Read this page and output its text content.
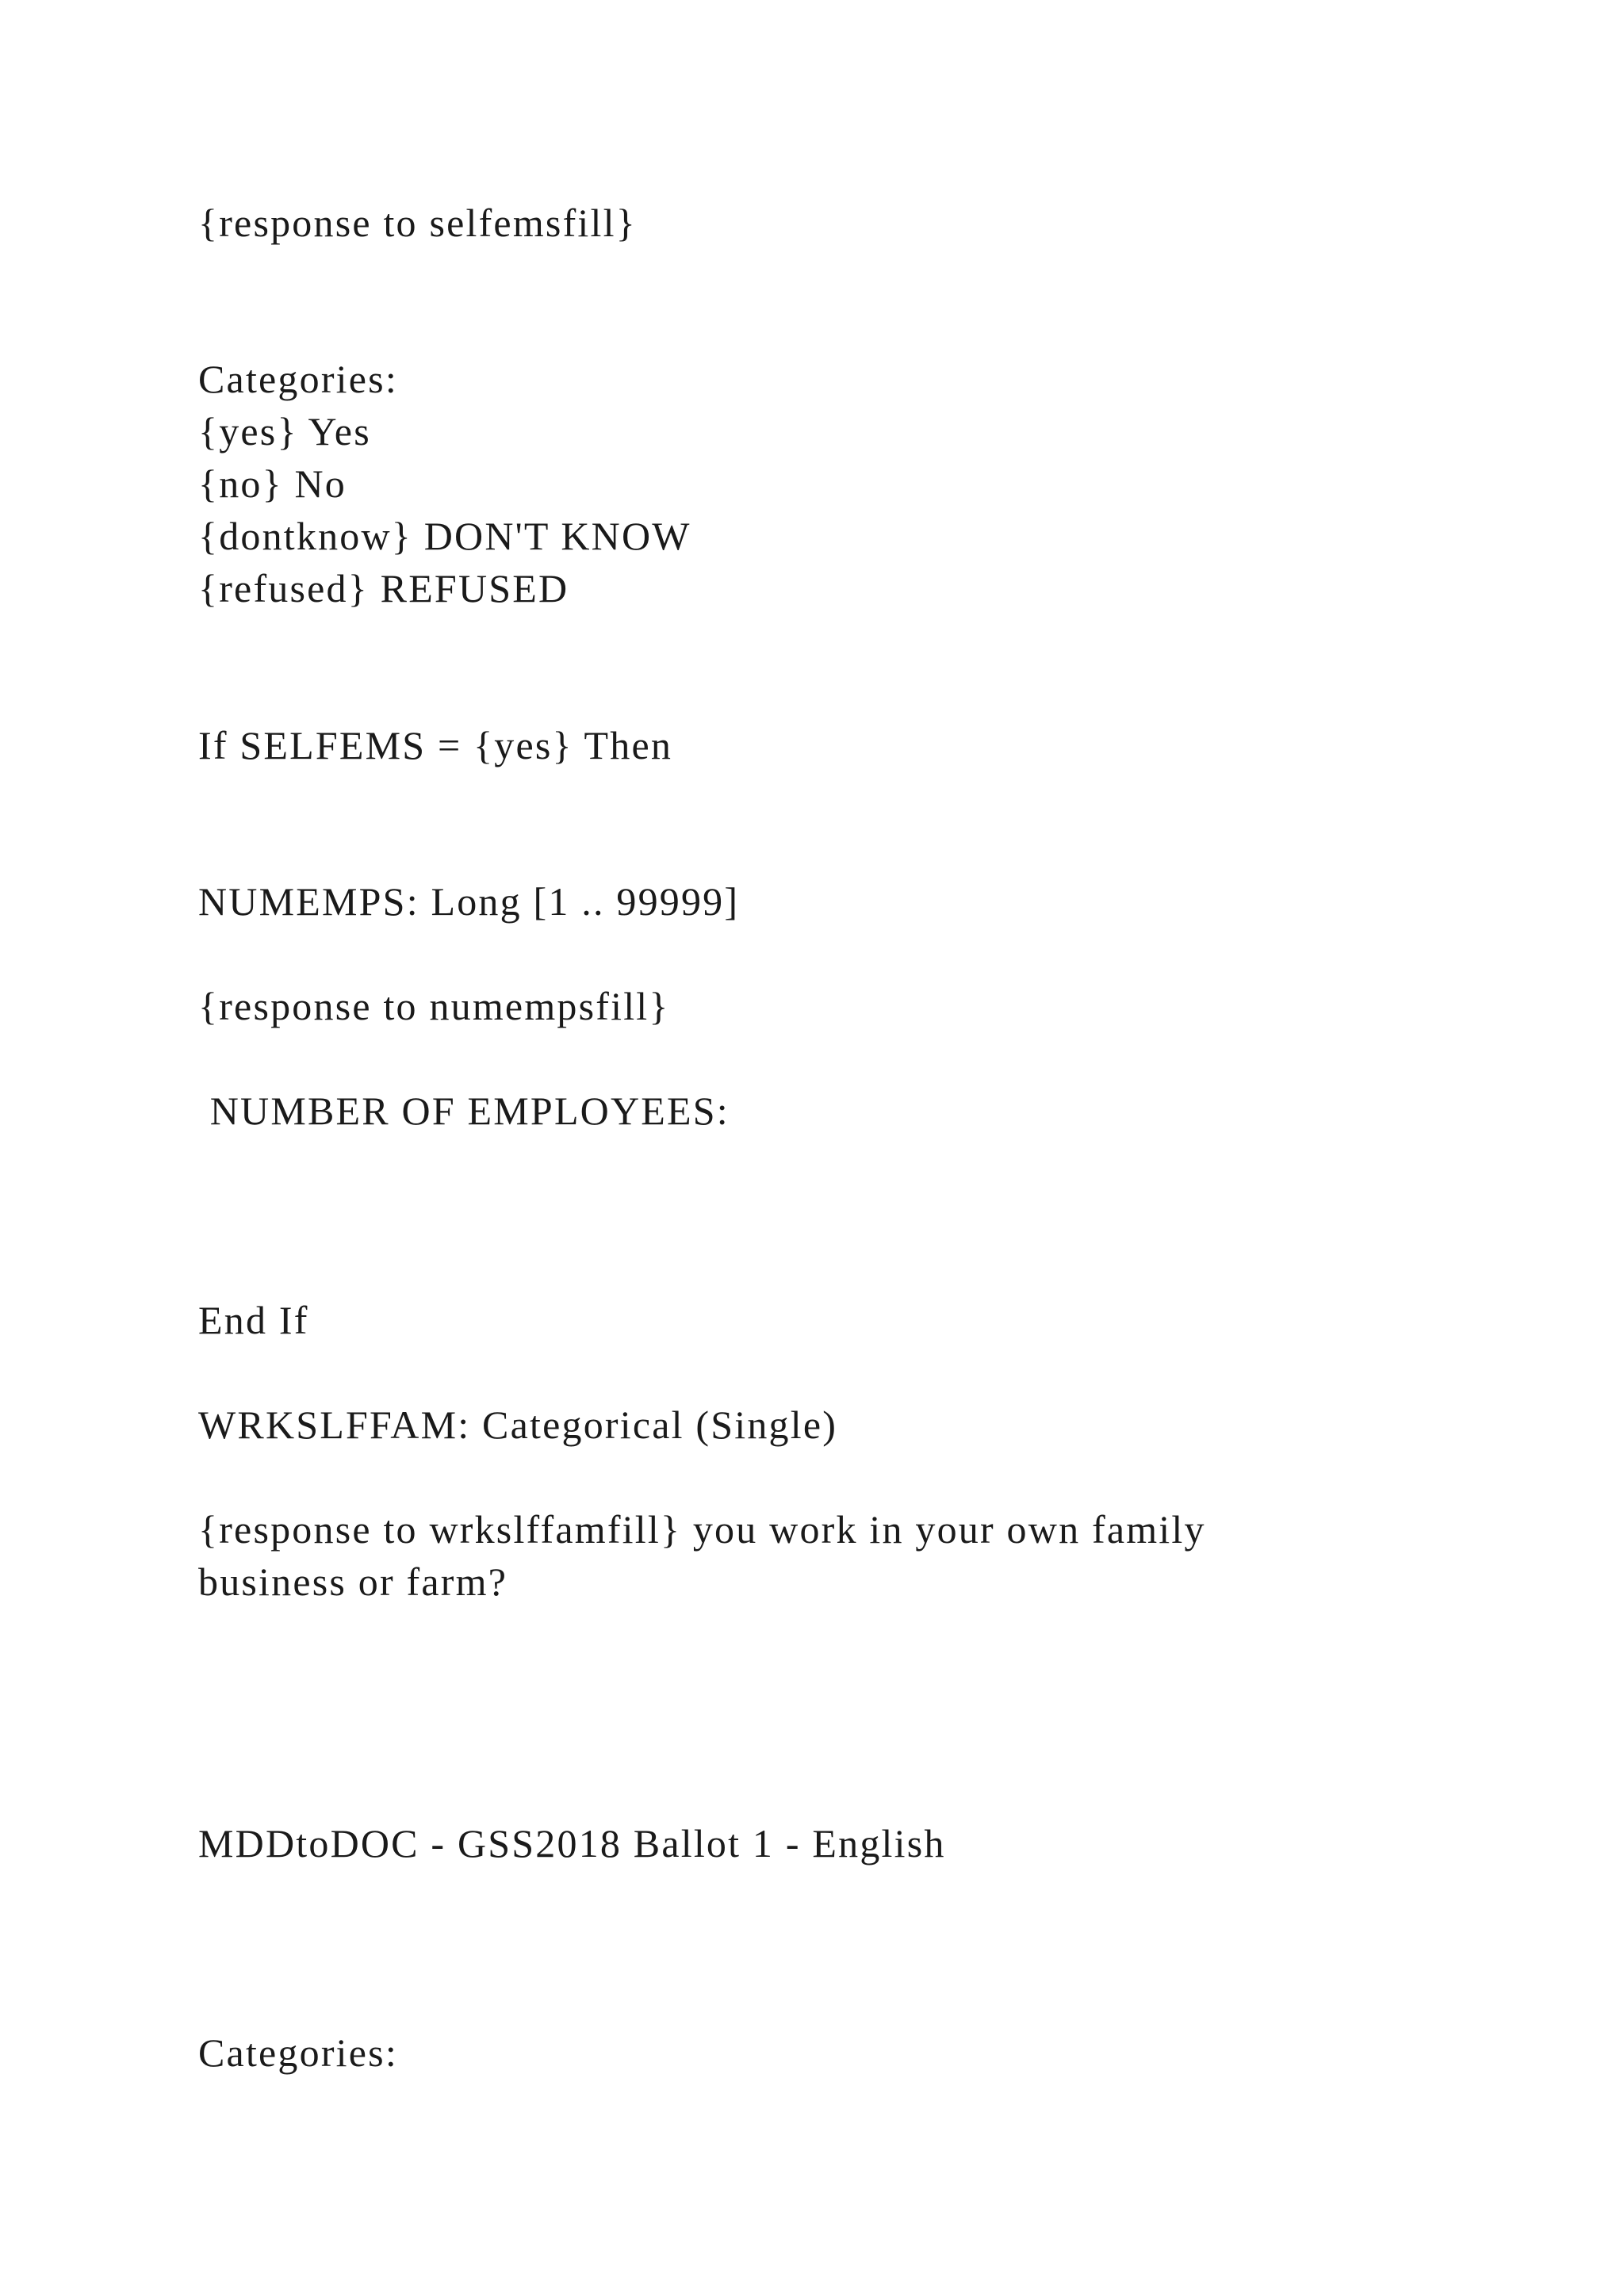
{response to selfemsfill}

Categories:

{yes} Yes

{no} No

{dontknow} DON'T KNOW

{refused} REFUSED

If SELFEMS = {yes} Then

NUMEMPS: Long [1 .. 99999]

{response to numempsfill}

NUMBER OF EMPLOYEES:

End If

WRKSLFFAM: Categorical (Single)

{response to wrkslffamfill} you work in your own family

business or farm?

MDDtoDOC - GSS2018 Ballot 1 - English

Categories:
